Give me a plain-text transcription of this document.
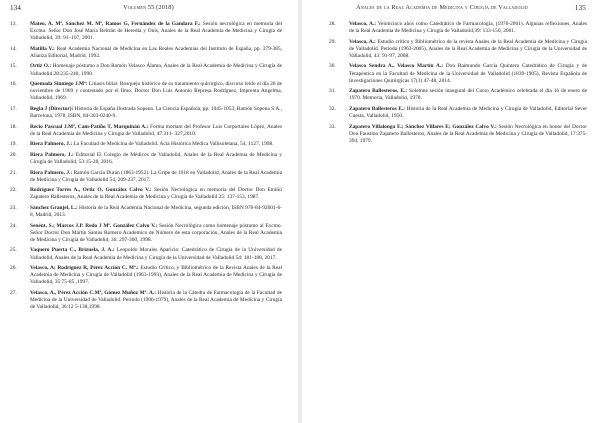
134	Volumen 55 (2018)
13.	Mateo, A. Mª, Sánchez M. Mª, Ramos G, Fernández de la Gandara F.: Sesión necrológica en memoria del Excmo. Señor Don José María Beltrán de Heredia y Onis, Anales de la Real Academia de Medicina y Cirugía de Valladolid, 39: 91–107, 2001.
14.	Matilla V.: Real Academia Nacional de Medicina en Las Reales Academias del Instituto de España, pp. 379-385, Alianza Editorial, Madrid, 1992.
15.	Ortiz O.: Homenaje póstumo a Don Ramón Velasco Álamo, Anales de la Real Academia de Medicina y Cirugía de Valladolid 28:235-240, 1990.
16.	Quemada Sinniego J.Mª: Litiasis biliar. Bosquejo histórico de su tratamiento quirúrgico, discurso leído el día 28 de noviembre de 1969 y contestado por el Ilmo. Doctor Don Luis Antonio Represa Rodríguez, Imprenta Angelma, Valladolid, 1969.
17.	Regla J (Director): Historia de España Ilustrada Sopena. La Ciencia Española, pp. 1045-1053, Ramón Sopena S.A., Barcelona, 1978, ISBN, 84-303-0240-9.
18.	Recio Pascual J.Mª, Cam-Patiño T, Marquinán A.: Forma mortam del Profesor Luis Corportales López, Anales de la Real Academia de Medicina y Cirugía de Valladolid, 47:311- 327,2010.
19.	Riera Palmero, J.: La Facultad de Medicina de Valladolid. Acta Histórica Médica Vallisoletana, 54, 1127, 1998.
20.	Riera Palmero, J.: Editorial El Colegio de Médicos de Valladolid, Anales de la Real Academia de Medicina y Cirugía de Valladolid, 53:15-28, 2016.
21.	Riera Palmero, J.: Ramón García Durán (1863-1952). La Gripe de 1918 en Valladolid, Anales de la Real Academia de Medicina y Cirugía de Valladolid 54, 209-237, 2017.
22.	Rodríguez Torres A., Ortiz O, González Calvo V.: Sesión Necrológica en memoria del Doctor Don Emilio Zapatero Ballesteros, Anales de la Real Academia de Medicina y Cirugía de Valladolid 25: 137-153, 1987.
23.	Sánchez Granjel, L.: Historia de la Real Academia Nacional de Medicina, segunda edición, ISBN 978-84-92601-6-8, Madrid, 2013.
24.	Senént, S.; Marcos J.P. Redo J Mª. González Calvo V.: Sesión Necrológica como homenaje póstumo al Excmo. Señor Doctor Don Martín Santos Romero Academico de Número de esta corporación, Anales de la Real Academia de Medicina y Cirugía de Valladolid, 36: 297-300, 1998.
25.	Vaquero Puerta C., Brizuela, J. A.: Leopoldo Morales Aparicio: Catedrático de Cirugía de la Universidad de Valladolid, Anales de la Real Academia de Medicina y Cirugía de la Universidad de Valladolid 54: 181-188, 2017.
26.	Velasco, A; Rodríguez R, Pérez Acción C. Mª.: Estudio Crítico, y Bibliométrico de la Revista Anales de la Real Academia de Medicina y Cirugía de Valladolid (1963-1993), Anales de la Real Academia de Medicina y Cirugía de Valladolid, 35:75-85 ,1997.
27.	Velasco, A., Pérez Acción C.Mª, Gómez Muñoz Mª. A.: Historia de la Cátedra de Farmacología de la Facultad de Medicina de la Universidad de Valladolid. Periodo (1906-1979), Anales de la Real Academia de Medicina y Cirugía de Valladolid, 36:12 5-138,1998.
Anales de la Real Academia de Medicina y Cirugía de Valladolid	135
28.	Velasco, A.: Veinticinco años como Catedrático de Farmacología, (1976-2001). Algunas reflexiones, Anales de la Real Academia de Medicina y Cirugía de Valladolid,39: 133-150, 2001.
29.	Velasco, A.: Estudio crítico y Bibliométrico de la revista Anales de la Real Academia de Medicina y Cirugía de Valladolid. Periodo (1963-2005), Anales de la Real Academia de Medicina y Cirugía de la Universidad de Valladolid, 43: 91-97, 2008.
30.	Velasco Sendra A., Velasco Martín A.: Don Raimundo García Quintero Catedrático de Cirugía y de Terapéutica en la Facultad de Medicina de la Universidad de Valladolid (1839-1905), Revista Española de Investigaciones Quirúrgicas 17(1) 47-48, 2014.
31.	Zapatero Ballesteros, E.: Solemne sesión inaugural del Curso Académico celebrada el día 16 de enero de 1970. Memoria, Valladolid, 1970.
32.	Zapatero Ballesteros E.: Historia de la Real Academia de Medicina y Cirugía de Valladolid, Editorial Sever Cuesta, Valladolid, 1950.
33.	Zapatero Villalonga E.; Sánchez Villares E; González Calvo V.: Sesión Necrológica en honor del Doctor Don Faustino Zapatero Ballesteros, Anales de la Real Academia de Medicina y Cirugía de Valladolid, 17:375-394, 1979.
